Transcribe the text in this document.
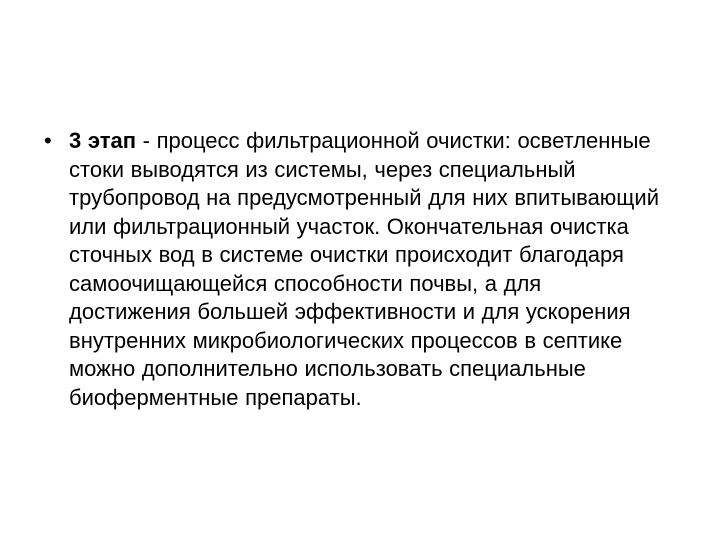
• 3 этап - процесс фильтрационной очистки: осветленные стоки выводятся из системы, через специальный трубопровод на предусмотренный для них впитывающий или фильтрационный участок. Окончательная очистка сточных вод в системе очистки происходит благодаря самоочищающейся способности почвы, а для достижения большей эффективности и для ускорения внутренних микробиологических процессов в септике можно дополнительно использовать специальные биоферментные препараты.
